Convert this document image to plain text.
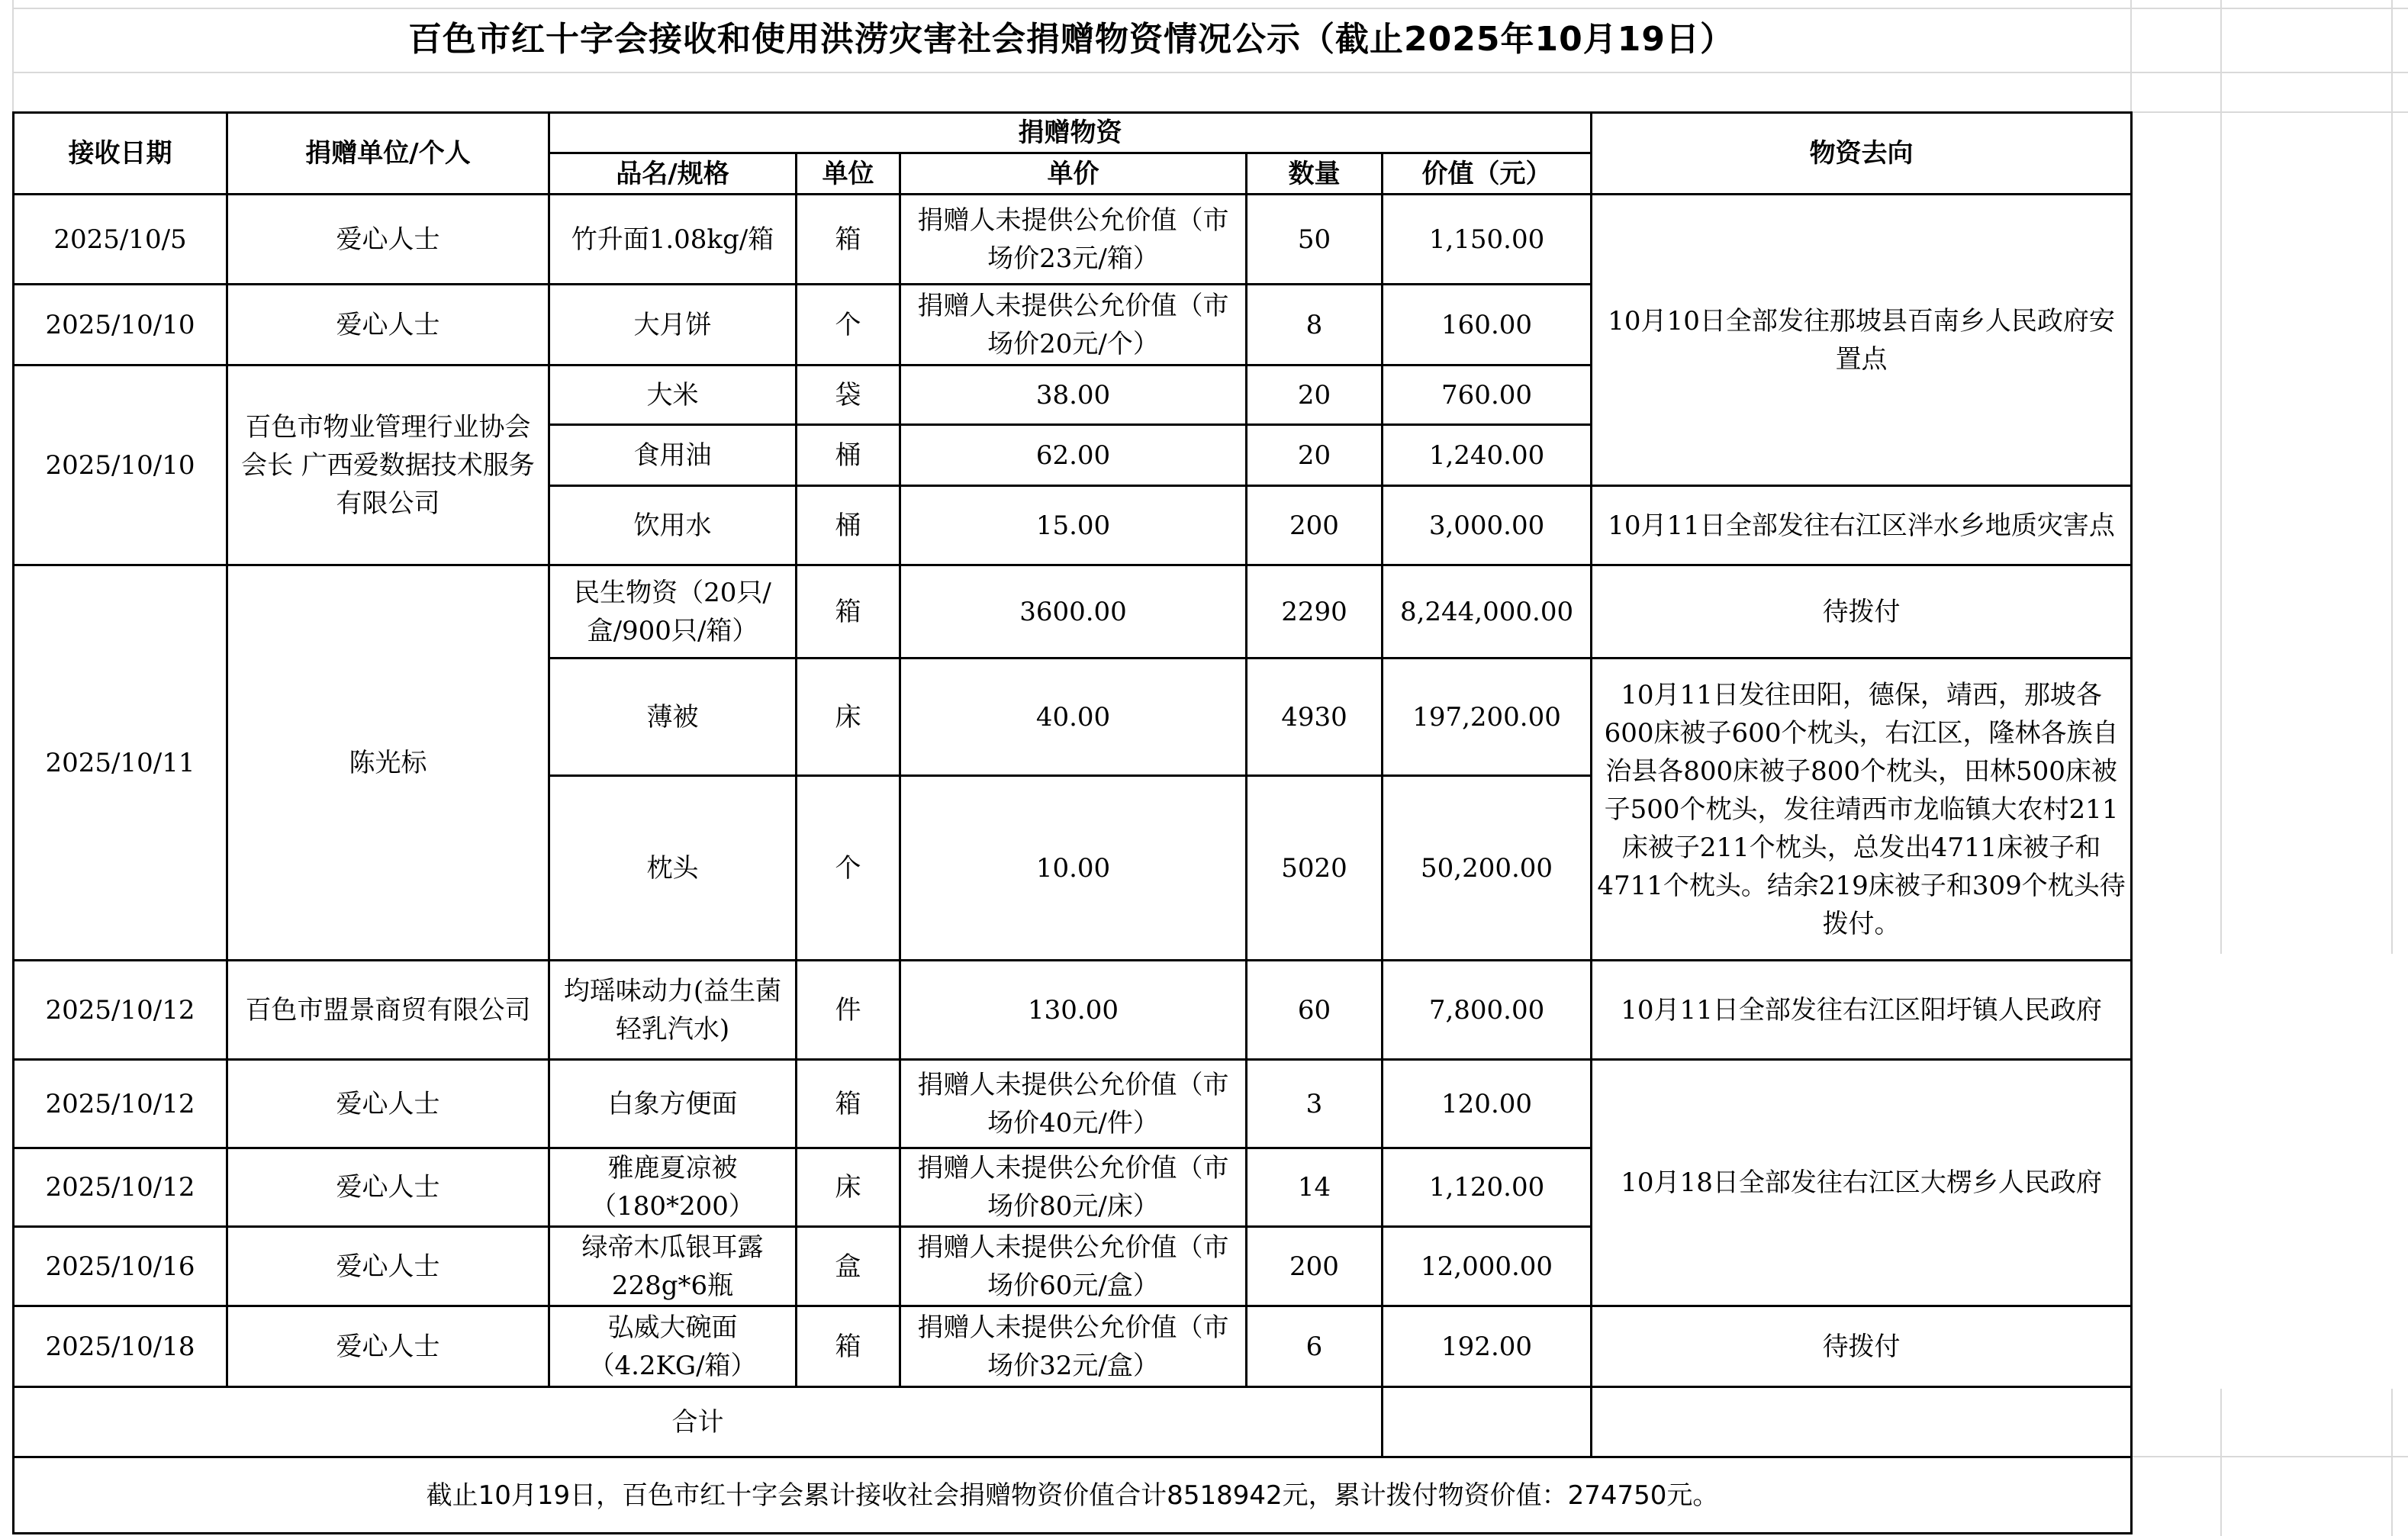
百色市红十字会接收和使用洪涝灾害社会捐赠物资情况公示（截止2025年10月19日）
接收日期	捐赠单位/个人	捐赠物资					物资去向
		品名/规格	单位	单价	数量	价值（元）	
2025/10/5	爱心人士	竹升面1.08kg/箱	箱	捐赠人未提供公允价值（市场价23元/箱）	50	1,150.00	10月10日全部发往那坡县百南乡人民政府安置点
2025/10/10	爱心人士	大月饼	个	捐赠人未提供公允价值（市场价20元/个）	8	160.00	
2025/10/10	百色市物业管理行业协会会长 广西爱数据技术服务有限公司	大米	袋	38.00	20	760.00	
		食用油	桶	62.00	20	1,240.00	
		饮用水	桶	15.00	200	3,000.00	10月11日全部发往右江区泮水乡地质灾害点
2025/10/11	陈光标	民生物资（20只/盒/900只/箱）	箱	3600.00	2290	8,244,000.00	待拨付
		薄被	床	40.00	4930	197,200.00	10月11日发往田阳，德保，靖西，那坡各600床被子600个枕头，右江区，隆林各族自治县各800床被子800个枕头，田林500床被子500个枕头，发往靖西市龙临镇大农村211床被子211个枕头，总发出4711床被子和4711个枕头。结余219床被子和309个枕头待拨付。
		枕头	个	10.00	5020	50,200.00	
2025/10/12	百色市盟景商贸有限公司	均瑶味动力(益生菌轻乳汽水)	件	130.00	60	7,800.00	10月11日全部发往右江区阳圩镇人民政府
2025/10/12	爱心人士	白象方便面	箱	捐赠人未提供公允价值（市场价40元/件）	3	120.00	10月18日全部发往右江区大楞乡人民政府
2025/10/12	爱心人士	雅鹿夏凉被（180*200）	床	捐赠人未提供公允价值（市场价80元/床）	14	1,120.00	
2025/10/16	爱心人士	绿帝木瓜银耳露228g*6瓶	盒	捐赠人未提供公允价值（市场价60元/盒）	200	12,000.00	
2025/10/18	爱心人士	弘威大碗面（4.2KG/箱）	箱	捐赠人未提供公允价值（市场价32元/盒）	6	192.00	待拨付
合计							
截止10月19日，百色市红十字会累计接收社会捐赠物资价值合计8518942元，累计拨付物资价值：274750元。							
